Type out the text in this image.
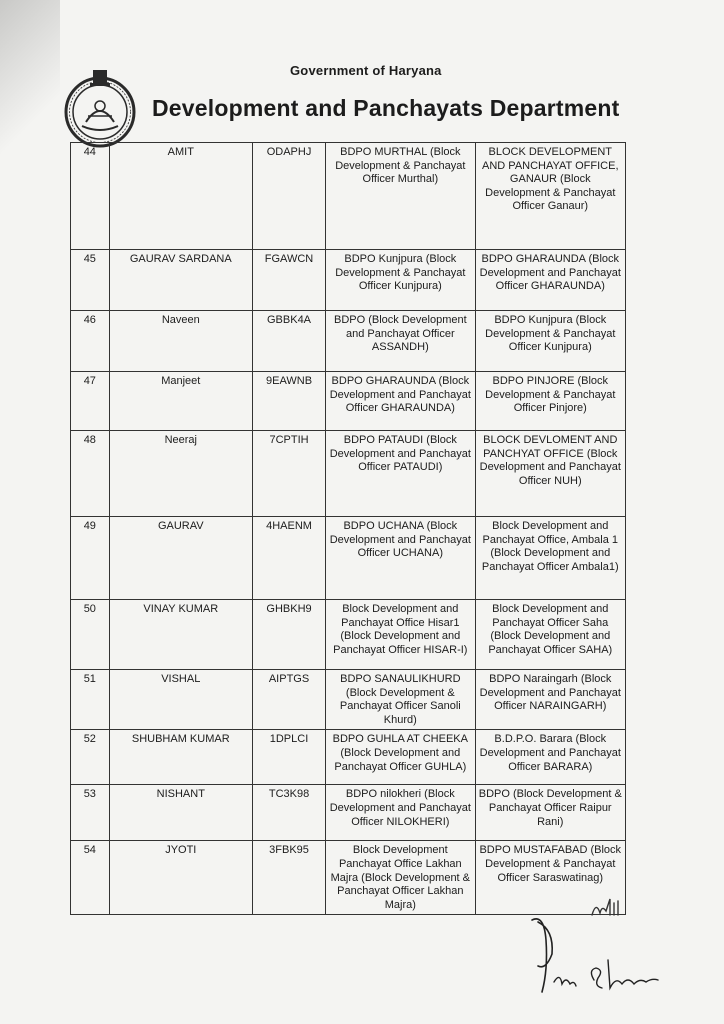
Government of Haryana
Development and Panchayats Department
44	AMIT	ODAPHJ	BDPO MURTHAL (Block Development & Panchayat Officer Murthal)	BLOCK DEVELOPMENT AND PANCHAYAT OFFICE, GANAUR (Block Development & Panchayat Officer Ganaur)
45	GAURAV SARDANA	FGAWCN	BDPO Kunjpura (Block Development & Panchayat Officer Kunjpura)	BDPO GHARAUNDA (Block Development and Panchayat Officer GHARAUNDA)
46	Naveen	GBBK4A	BDPO (Block Development and Panchayat Officer ASSANDH)	BDPO Kunjpura (Block Development & Panchayat Officer Kunjpura)
47	Manjeet	9EAWNB	BDPO GHARAUNDA (Block Development and Panchayat Officer GHARAUNDA)	BDPO PINJORE (Block Development & Panchayat Officer Pinjore)
48	Neeraj	7CPTIH	BDPO PATAUDI (Block Development and Panchayat Officer PATAUDI)	BLOCK DEVLOMENT AND PANCHYAT OFFICE (Block Development and Panchayat Officer NUH)
49	GAURAV	4HAENM	BDPO UCHANA (Block Development and Panchayat Officer UCHANA)	Block Development and Panchayat Office, Ambala 1 (Block Development and Panchayat Officer Ambala1)
50	VINAY KUMAR	GHBKH9	Block Development and Panchayat Office Hisar1 (Block Development and Panchayat Officer HISAR-I)	Block Development and Panchayat Officer Saha (Block Development and Panchayat Officer SAHA)
51	VISHAL	AIPTGS	BDPO SANAULIKHURD (Block Development & Panchayat Officer Sanoli Khurd)	BDPO Naraingarh (Block Development and Panchayat Officer NARAINGARH)
52	SHUBHAM KUMAR	1DPLCI	BDPO GUHLA AT CHEEKA (Block Development and Panchayat Officer GUHLA)	B.D.P.O. Barara (Block Development and Panchayat Officer BARARA)
53	NISHANT	TC3K98	BDPO nilokheri (Block Development and Panchayat Officer NILOKHERI)	BDPO (Block Development & Panchayat Officer Raipur Rani)
54	JYOTI	3FBK95	Block Development Panchayat Office Lakhan Majra (Block Development & Panchayat Officer Lakhan Majra)	BDPO MUSTAFABAD (Block Development & Panchayat Officer Saraswatinag)
